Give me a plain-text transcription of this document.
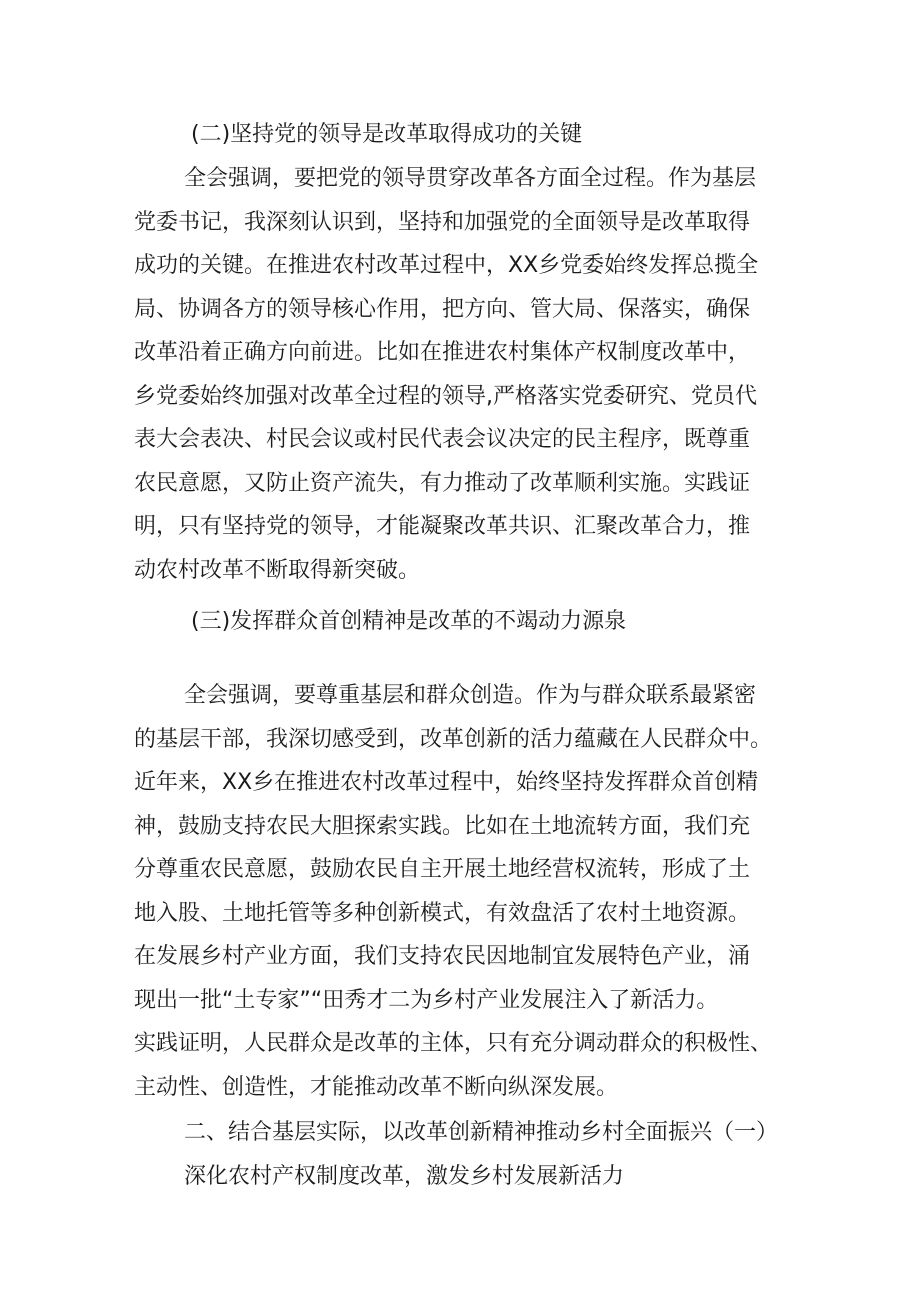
(二)坚持党的领导是改革取得成功的关键
全会强调，要把党的领导贯穿改革各方面全过程。作为基层
党委书记，我深刻认识到，坚持和加强党的全面领导是改革取得
成功的关键。在推进农村改革过程中，XX乡党委始终发挥总揽全
局、协调各方的领导核心作用，把方向、管大局、保落实，确保
改革沿着正确方向前进。比如在推进农村集体产权制度改革中，
乡党委始终加强对改革全过程的领导,严格落实党委研究、党员代
表大会表决、村民会议或村民代表会议决定的民主程序，既尊重
农民意愿，又防止资产流失，有力推动了改革顺利实施。实践证
明，只有坚持党的领导，才能凝聚改革共识、汇聚改革合力，推
动农村改革不断取得新突破。
(三)发挥群众首创精神是改革的不竭动力源泉
全会强调，要尊重基层和群众创造。作为与群众联系最紧密
的基层干部，我深切感受到，改革创新的活力蕴藏在人民群众中。
近年来，XX乡在推进农村改革过程中，始终坚持发挥群众首创精
神，鼓励支持农民大胆探索实践。比如在土地流转方面，我们充
分尊重农民意愿，鼓励农民自主开展土地经营权流转，形成了土
地入股、土地托管等多种创新模式，有效盘活了农村土地资源。
在发展乡村产业方面，我们支持农民因地制宜发展特色产业，涌
现出一批“土专家”“田秀才二为乡村产业发展注入了新活力。
实践证明，人民群众是改革的主体，只有充分调动群众的积极性、
主动性、创造性，才能推动改革不断向纵深发展。
二、结合基层实际，以改革创新精神推动乡村全面振兴（一）
深化农村产权制度改革，激发乡村发展新活力
